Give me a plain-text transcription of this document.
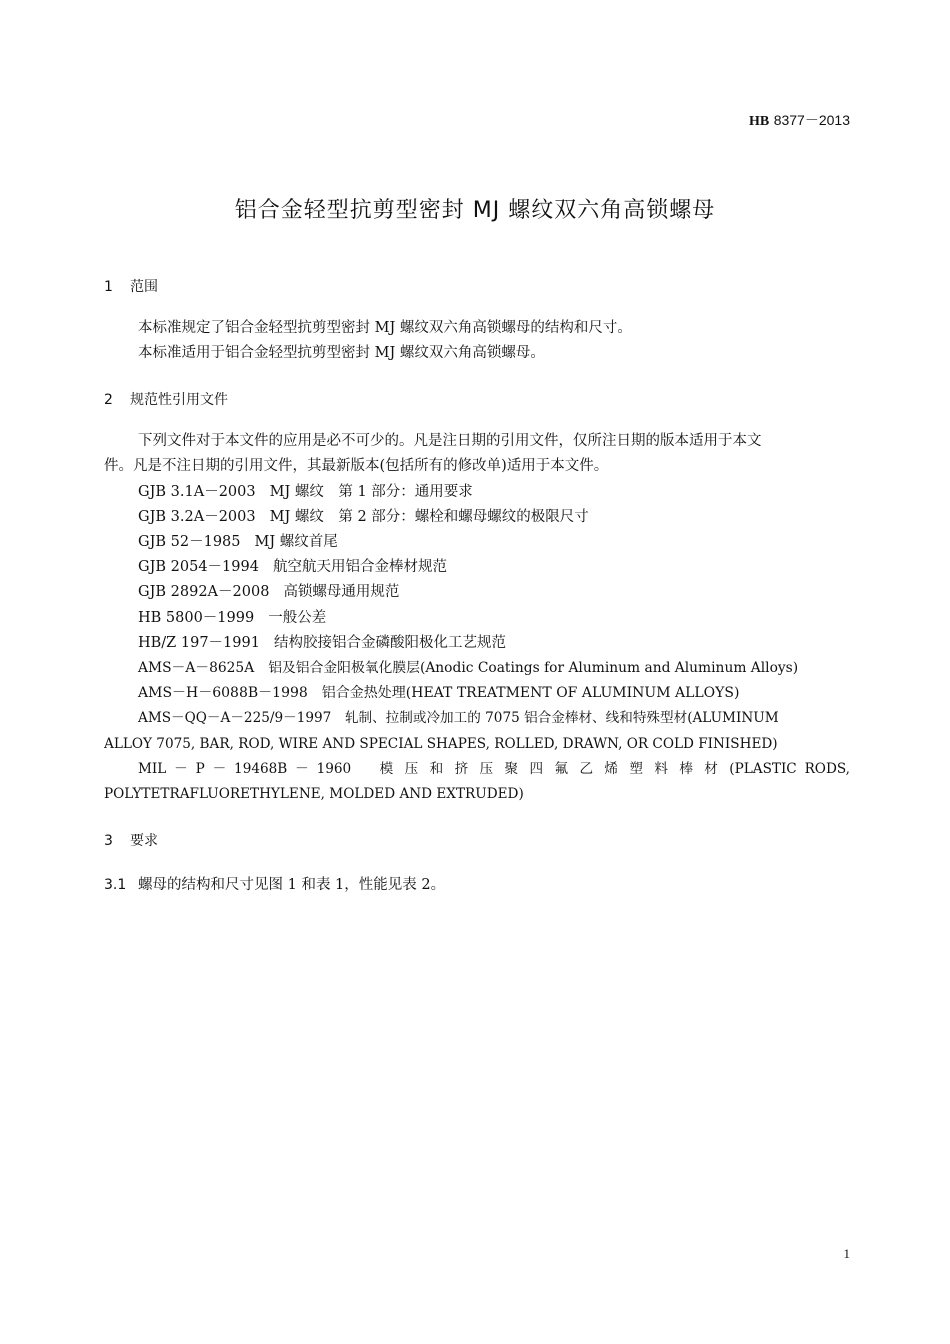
HB 8377－2013
铝合金轻型抗剪型密封 MJ 螺纹双六角高锁螺母
1 范围
本标准规定了铝合金轻型抗剪型密封 MJ 螺纹双六角高锁螺母的结构和尺寸。
本标准适用于铝合金轻型抗剪型密封 MJ 螺纹双六角高锁螺母。
2 规范性引用文件
下列文件对于本文件的应用是必不可少的。凡是注日期的引用文件，仅所注日期的版本适用于本文
件。凡是不注日期的引用文件，其最新版本(包括所有的修改单)适用于本文件。
GJB 3.1A－2003 MJ 螺纹　第 1 部分：通用要求
GJB 3.2A－2003 MJ 螺纹　第 2 部分：螺栓和螺母螺纹的极限尺寸
GJB 52－1985 MJ 螺纹首尾
GJB 2054－1994 航空航天用铝合金棒材规范
GJB 2892A－2008 高锁螺母通用规范
HB 5800－1999 一般公差
HB/Z 197－1991 结构胶接铝合金磷酸阳极化工艺规范
AMS－A－8625A 铝及铝合金阳极氧化膜层(Anodic Coatings for Aluminum and Aluminum Alloys)
AMS－H－6088B－1998 铝合金热处理(HEAT TREATMENT OF ALUMINUM ALLOYS)
AMS－QQ－A－225/9－1997　轧制、拉制或冷加工的 7075 铝合金棒材、线和特殊型材(ALUMINUM
ALLOY 7075, BAR, ROD, WIRE AND SPECIAL SHAPES, ROLLED, DRAWN, OR COLD FINISHED)
MIL － P － 19468B － 1960　 模 压 和 挤 压 聚 四 氟 乙 烯 塑 料 棒 材 (PLASTIC RODS,
POLYTETRAFLUORETHYLENE, MOLDED AND EXTRUDED)
3 要求
3.1 螺母的结构和尺寸见图 1 和表 1，性能见表 2。
1
